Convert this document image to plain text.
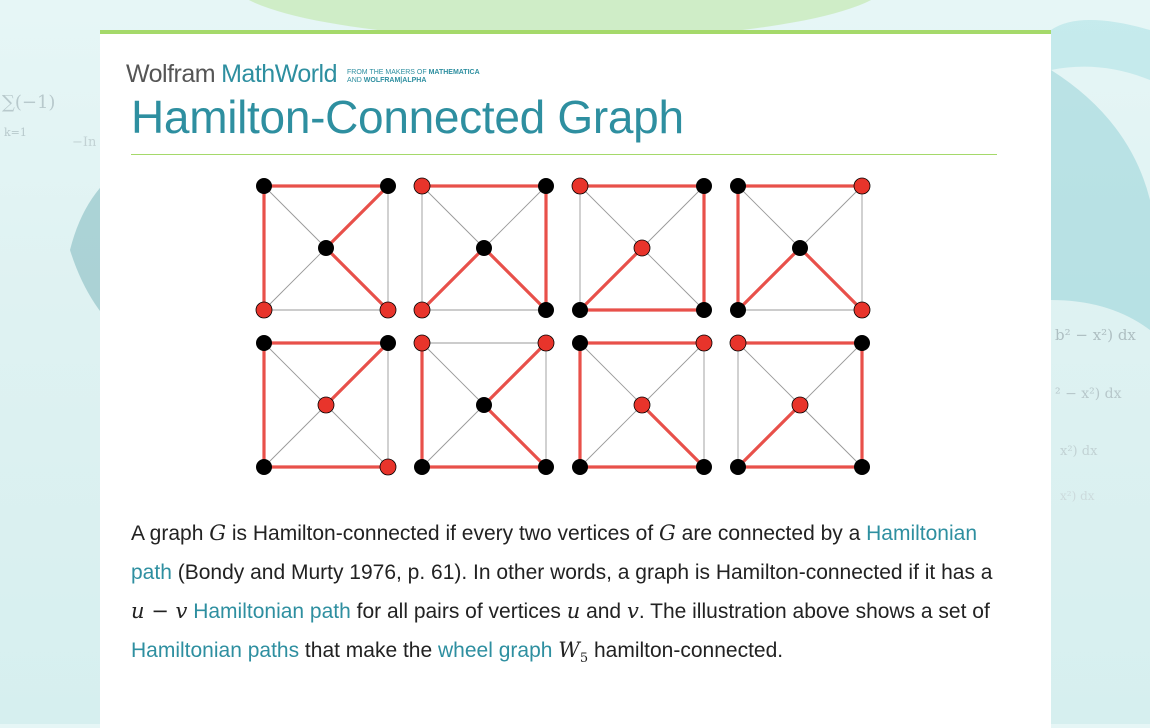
∑(−1)
k=1
−In
b² − x²) dx
² − x²) dx
x²) dx
x²) dx
Wolfram MathWorld FROM THE MAKERS OF MATHEMATICA
AND WOLFRAM|ALPHA
Hamilton-Connected Graph
A graph G is Hamilton-connected if every two vertices of G are connected by a Hamiltonian path (Bondy and Murty 1976, p. 61). In other words, a graph is Hamilton-connected if it has a u − v Hamiltonian path for all pairs of vertices u and v. The illustration above shows a set of Hamiltonian paths that make the wheel graph $W_5$ hamilton-connected.
